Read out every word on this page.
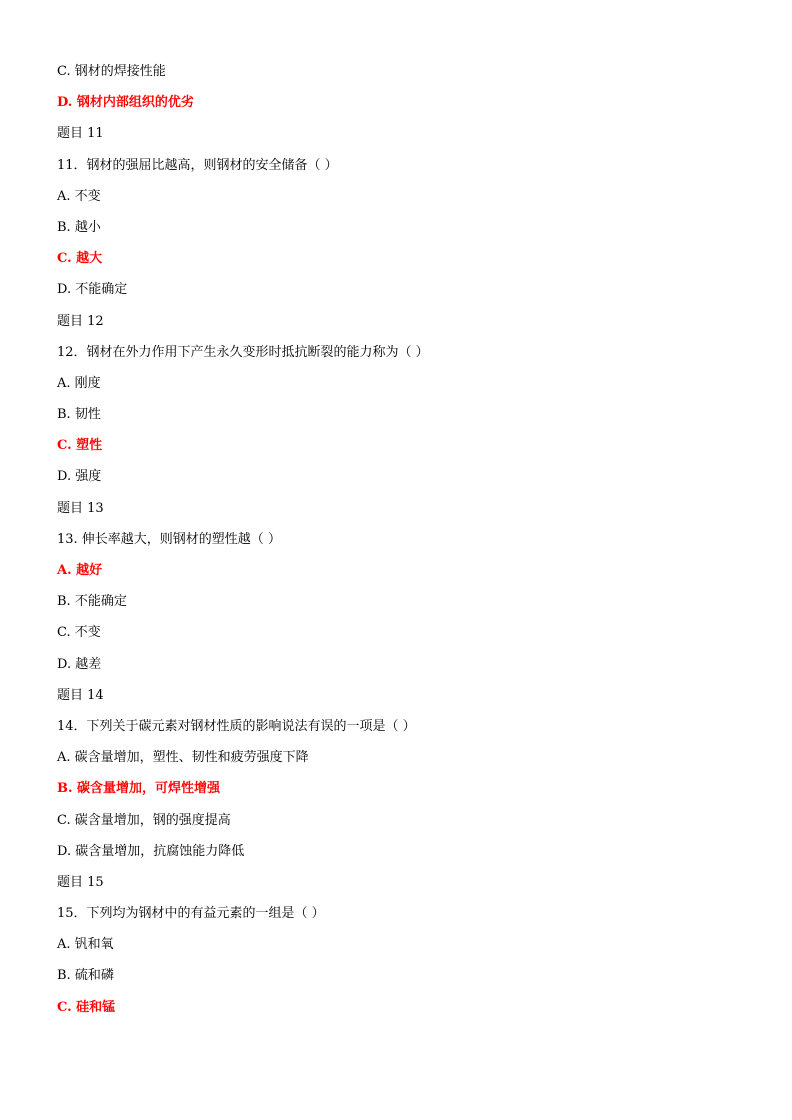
C. 钢材的焊接性能
D. 钢材内部组织的优劣
题目 11
11．钢材的强屈比越高，则钢材的安全储备（ ）
A. 不变
B. 越小
C. 越大
D. 不能确定
题目 12
12．钢材在外力作用下产生永久变形时抵抗断裂的能力称为（ ）
A. 刚度
B. 韧性
C. 塑性
D. 强度
题目 13
13. 伸长率越大，则钢材的塑性越（ ）
A. 越好
B. 不能确定
C. 不变
D. 越差
题目 14
14．下列关于碳元素对钢材性质的影响说法有误的一项是（ ）
A. 碳含量增加，塑性、韧性和疲劳强度下降
B. 碳含量增加，可焊性增强
C. 碳含量增加，钢的强度提高
D. 碳含量增加，抗腐蚀能力降低
题目 15
15．下列均为钢材中的有益元素的一组是（ ）
A. 钒和氧
B. 硫和磷
C. 硅和锰
